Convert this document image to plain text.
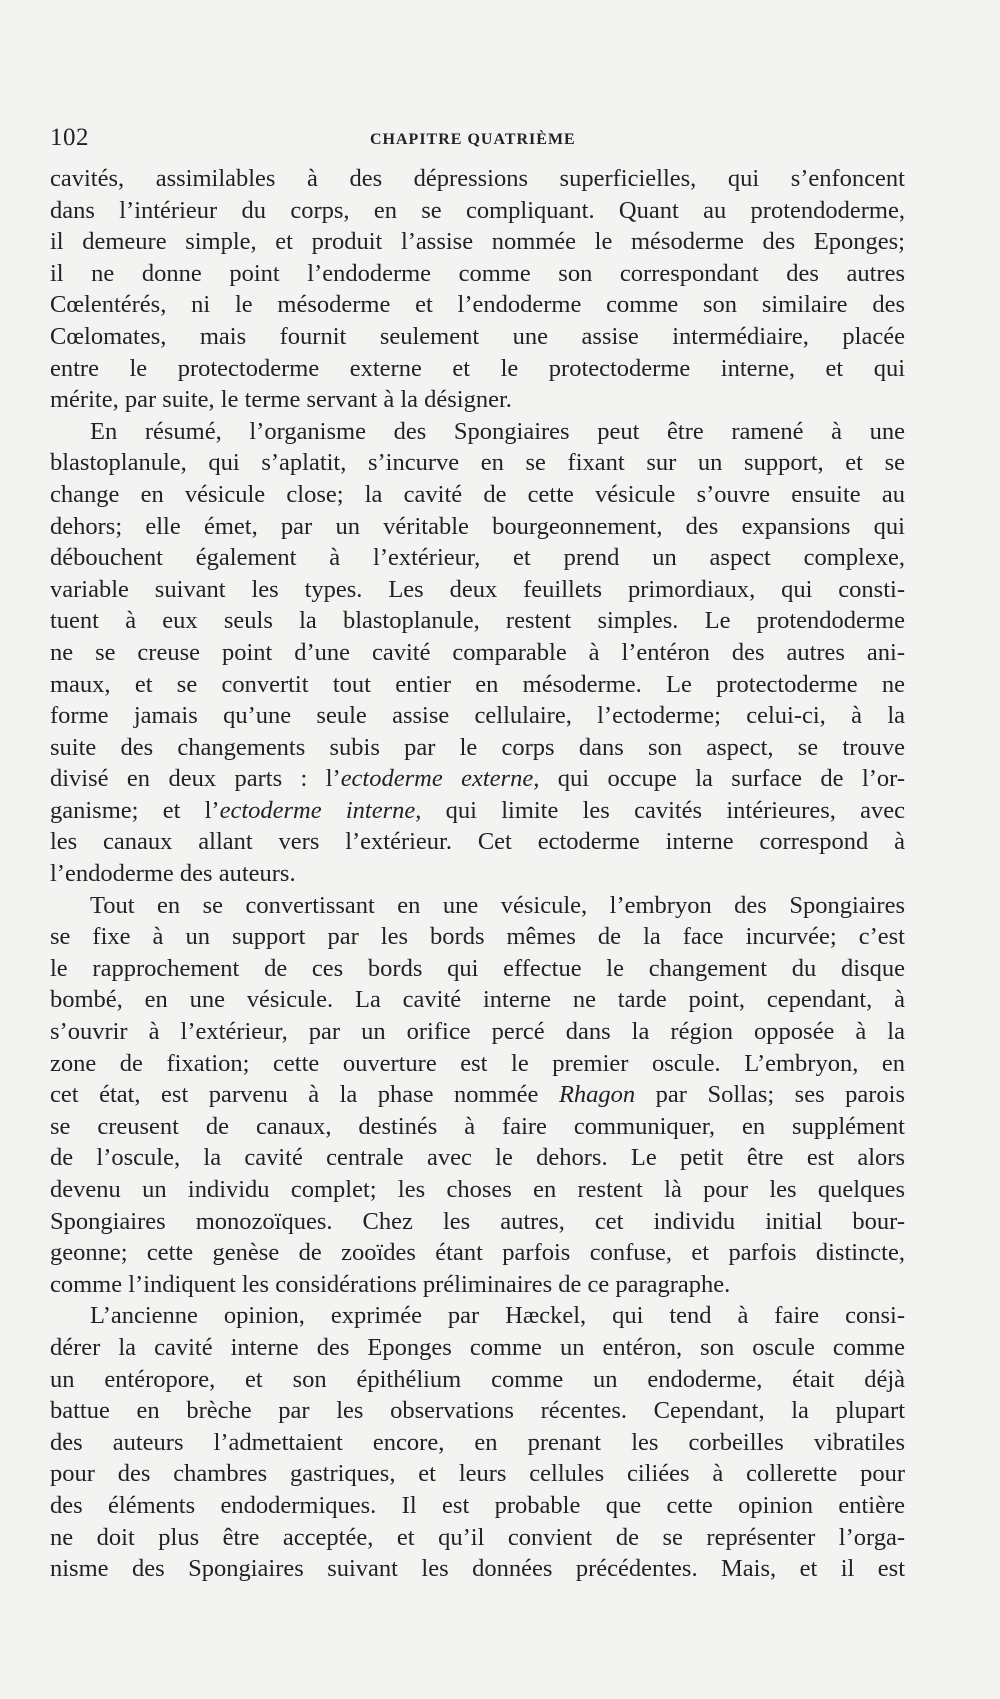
102	CHAPITRE QUATRIÈME
cavités, assimilables à des dépressions superficielles, qui s’enfoncent
dans l’intérieur du corps, en se compliquant. Quant au protendoderme,
il demeure simple, et produit l’assise nommée le mésoderme des Eponges;
il ne donne point l’endoderme comme son correspondant des autres
Cœlentérés, ni le mésoderme et l’endoderme comme son similaire des
Cœlomates, mais fournit seulement une assise intermédiaire, placée
entre le protectoderme externe et le protectoderme interne, et qui
mérite, par suite, le terme servant à la désigner.
En résumé, l’organisme des Spongiaires peut être ramené à une
blastoplanule, qui s’aplatit, s’incurve en se fixant sur un support, et se
change en vésicule close; la cavité de cette vésicule s’ouvre ensuite au
dehors; elle émet, par un véritable bourgeonnement, des expansions qui
débouchent également à l’extérieur, et prend un aspect complexe,
variable suivant les types. Les deux feuillets primordiaux, qui consti-
tuent à eux seuls la blastoplanule, restent simples. Le protendoderme
ne se creuse point d’une cavité comparable à l’entéron des autres ani-
maux, et se convertit tout entier en mésoderme. Le protectoderme ne
forme jamais qu’une seule assise cellulaire, l’ectoderme; celui-ci, à la
suite des changements subis par le corps dans son aspect, se trouve
divisé en deux parts : l’ectoderme externe, qui occupe la surface de l’or-
ganisme; et l’ectoderme interne, qui limite les cavités intérieures, avec
les canaux allant vers l’extérieur. Cet ectoderme interne correspond à
l’endoderme des auteurs.
Tout en se convertissant en une vésicule, l’embryon des Spongiaires
se fixe à un support par les bords mêmes de la face incurvée; c’est
le rapprochement de ces bords qui effectue le changement du disque
bombé, en une vésicule. La cavité interne ne tarde point, cependant, à
s’ouvrir à l’extérieur, par un orifice percé dans la région opposée à la
zone de fixation; cette ouverture est le premier oscule. L’embryon, en
cet état, est parvenu à la phase nommée Rhagon par Sollas; ses parois
se creusent de canaux, destinés à faire communiquer, en supplément
de l’oscule, la cavité centrale avec le dehors. Le petit être est alors
devenu un individu complet; les choses en restent là pour les quelques
Spongiaires monozoïques. Chez les autres, cet individu initial bour-
geonne; cette genèse de zooïdes étant parfois confuse, et parfois distincte,
comme l’indiquent les considérations préliminaires de ce paragraphe.
L’ancienne opinion, exprimée par Hæckel, qui tend à faire consi-
dérer la cavité interne des Eponges comme un entéron, son oscule comme
un entéropore, et son épithélium comme un endoderme, était déjà
battue en brèche par les observations récentes. Cependant, la plupart
des auteurs l’admettaient encore, en prenant les corbeilles vibratiles
pour des chambres gastriques, et leurs cellules ciliées à collerette pour
des éléments endodermiques. Il est probable que cette opinion entière
ne doit plus être acceptée, et qu’il convient de se représenter l’orga-
nisme des Spongiaires suivant les données précédentes. Mais, et il est
